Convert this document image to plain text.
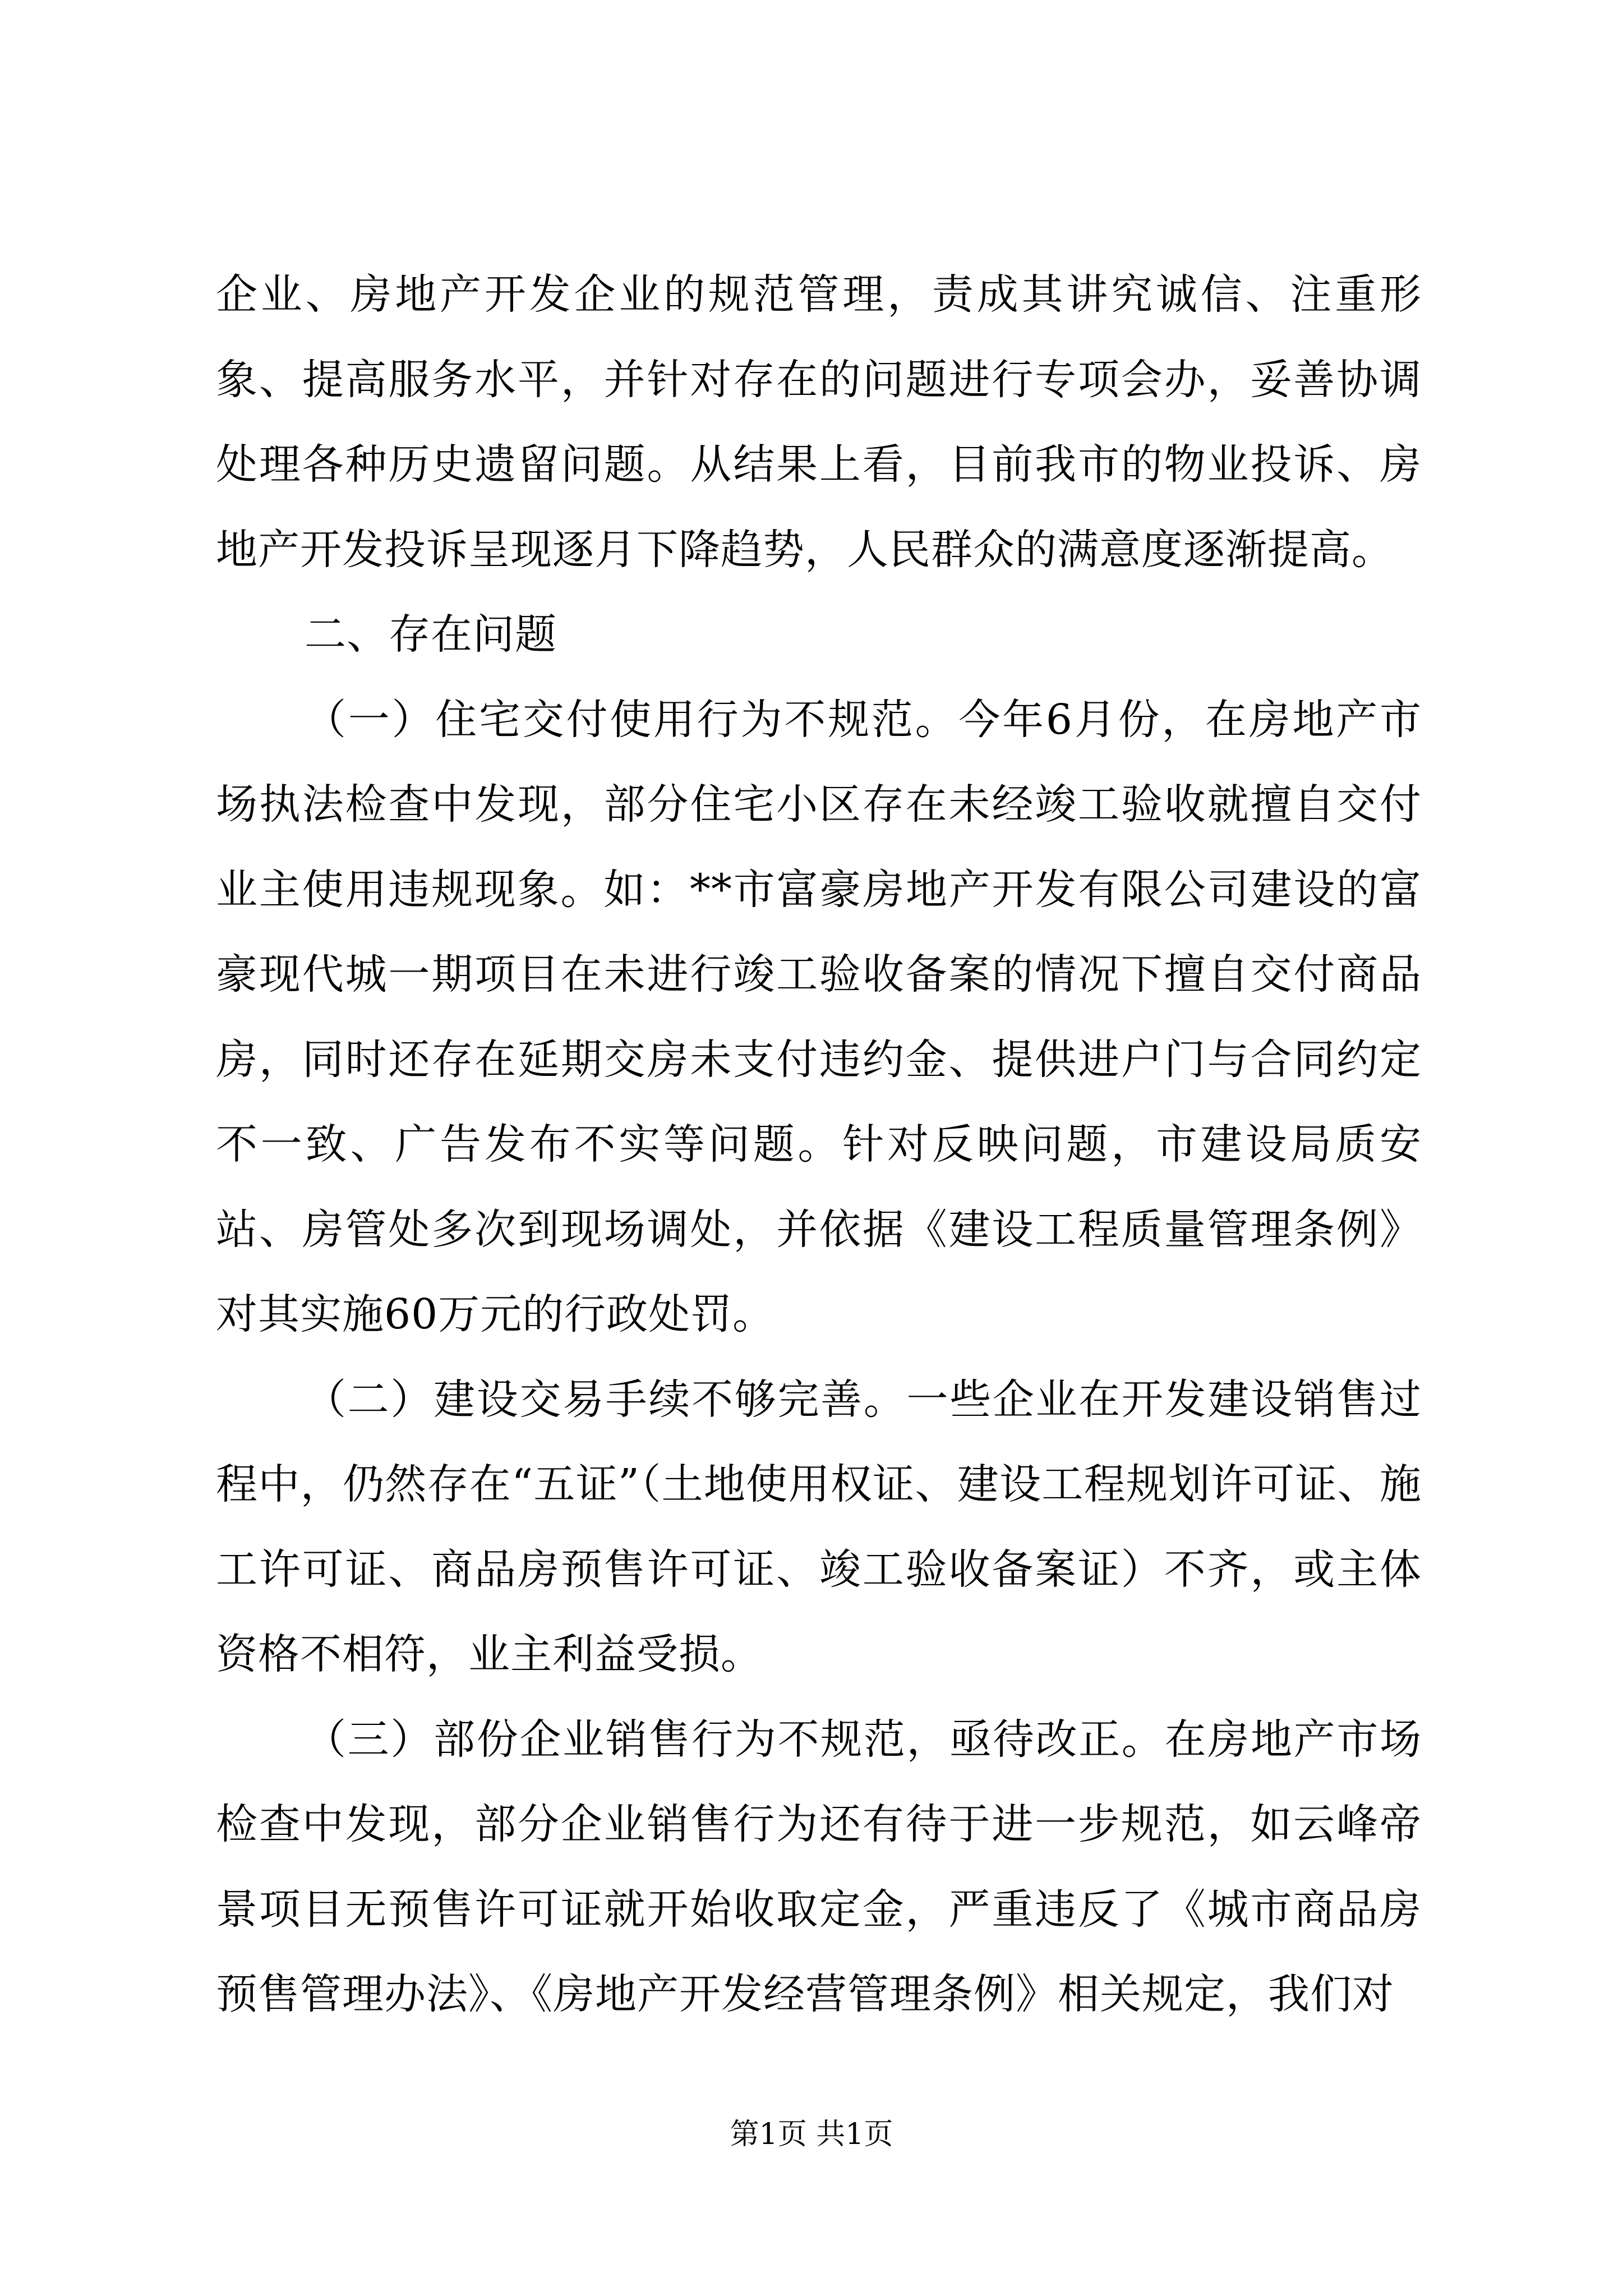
企业、房地产开发企业的规范管理，责成其讲究诚信、注重形象、提高服务水平，并针对存在的问题进行专项会办，妥善协调处理各种历史遗留问题。从结果上看，目前我市的物业投诉、房地产开发投诉呈现逐月下降趋势，人民群众的满意度逐渐提高。

二、存在问题

（一）住宅交付使用行为不规范。今年6月份，在房地产市场执法检查中发现，部分住宅小区存在未经竣工验收就擅自交付业主使用违规现象。如：**市富豪房地产开发有限公司建设的富豪现代城一期项目在未进行竣工验收备案的情况下擅自交付商品房，同时还存在延期交房未支付违约金、提供进户门与合同约定不一致、广告发布不实等问题。针对反映问题，市建设局质安站、房管处多次到现场调处，并依据《建设工程质量管理条例》对其实施60万元的行政处罚。

（二）建设交易手续不够完善。一些企业在开发建设销售过程中，仍然存在“五证”（土地使用权证、建设工程规划许可证、施工许可证、商品房预售许可证、竣工验收备案证）不齐，或主体资格不相符，业主利益受损。

（三）部份企业销售行为不规范，亟待改正。在房地产市场检查中发现，部分企业销售行为还有待于进一步规范，如云峰帝景项目无预售许可证就开始收取定金，严重违反了《城市商品房预售管理办法》、《房地产开发经营管理条例》相关规定，我们对

第1页 共1页
